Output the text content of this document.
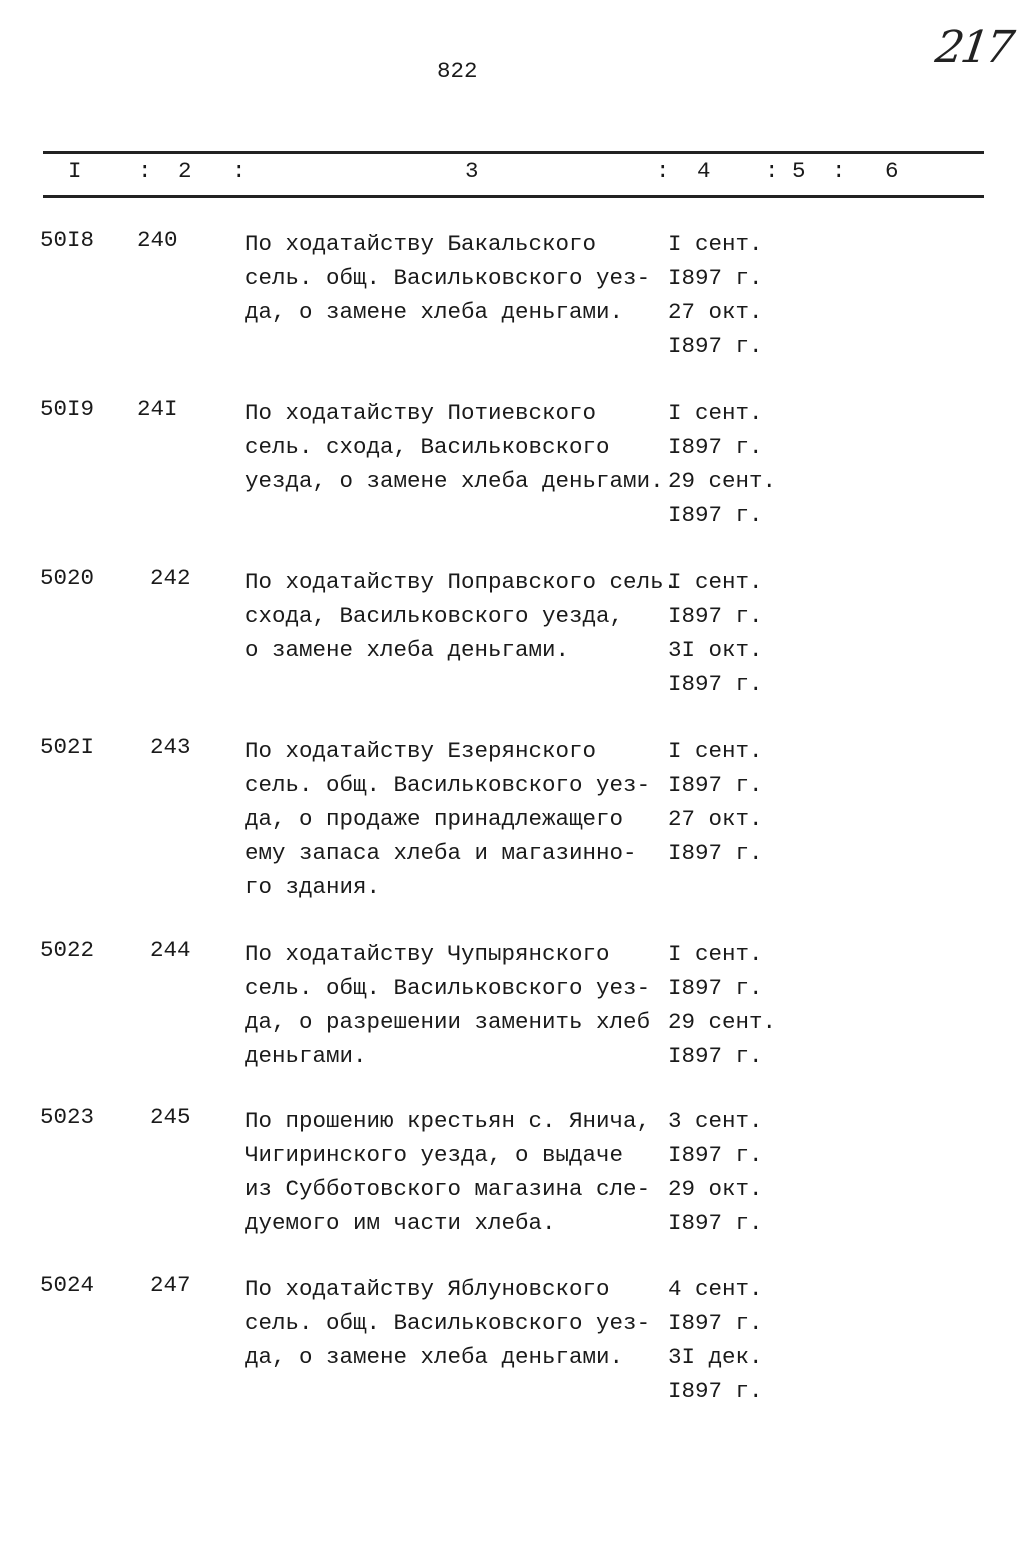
822	217
I	: 2 :	3	: 4 : 5 : 6
50I8 240	По ходатайству Бакальского
сель. общ. Васильковского уез-
да, о замене хлеба деньгами.
I сент.
I897 г.
27 окт.
I897 г.
50I9 24I	По ходатайству Потиевского
сель. схода, Васильковского
уезда, о замене хлеба деньгами.
I сент.
I897 г.
29 сент.
I897 г.
5020 242 По ходатайству Поправского сель.
схода, Васильковского уезда,
о замене хлеба деньгами.
I сент.
I897 г.
3I окт.
I897 г.
502I 243 По ходатайству Езерянского
сель. общ. Васильковского уез-
да, о продаже принадлежащего
ему запаса хлеба и магазинно-
го здания.
I сент.
I897 г.
27 окт.
I897 г.
5022 244 По ходатайству Чупырянского
сель. общ. Васильковского уез-
да, о разрешении заменить хлеб
деньгами.
I сент.
I897 г.
29 сент.
I897 г.
5023 245 По прошению крестьян с. Янича,
Чигиринского уезда, о выдаче
из Субботовского магазина сле-
дуемого им части хлеба.
3 сент.
I897 г.
29 окт.
I897 г.
5024 247 По ходатайству Яблуновского
сель. общ. Васильковского уез-
да, о замене хлеба деньгами.
4 сент.
I897 г.
3I дек.
I897 г.
